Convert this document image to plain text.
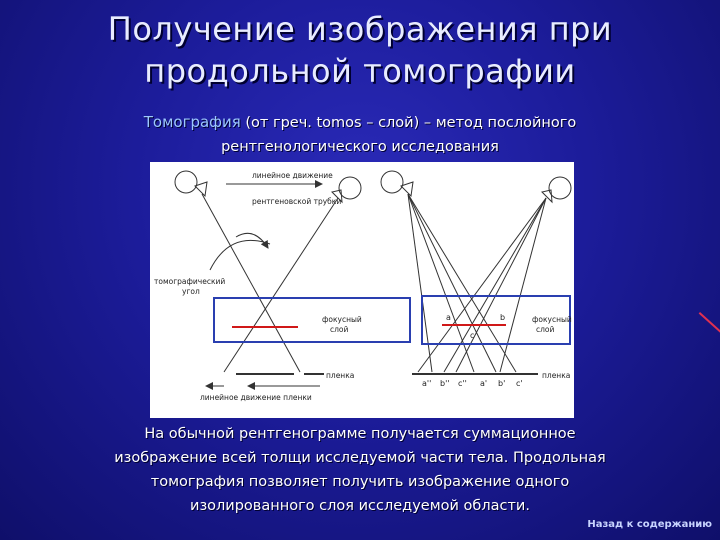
Получение изображения при
продольной томографии
Томография (от греч. tomos – слой) – метод послойного
рентгенологического исследования
линейное движение
рентгеновской трубки
томографический
угол
фокусный
слой
пленка
линейное движение пленки
a	b
c
фокусный
слой
пленка
a'' b'' c'' a' b' c'
На обычной рентгенограмме получается суммационное
изображение всей толщи исследуемой части тела. Продольная
томография позволяет получить изображение одного
изолированного слоя исследуемой области.
Назад к содержанию
